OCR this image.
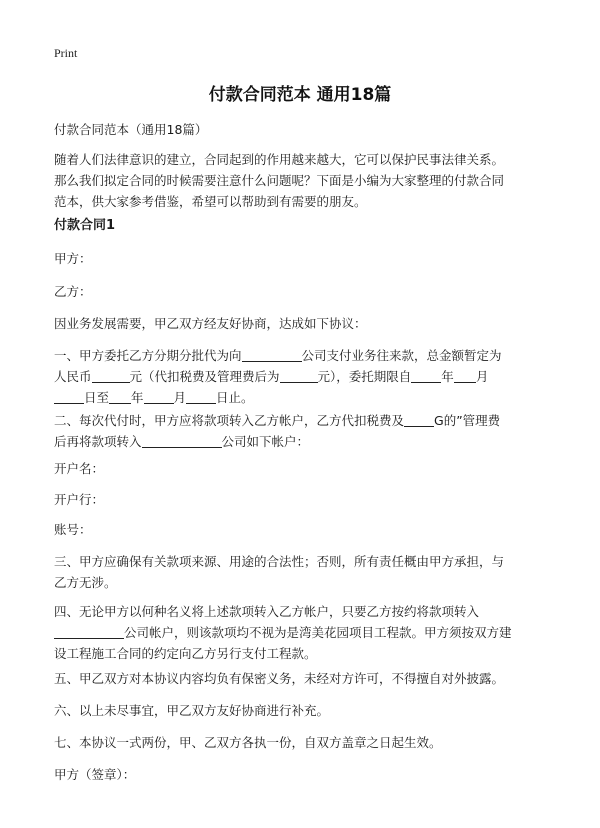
Print
付款合同范本 通用18篇
付款合同范本（通用18篇）
随着人们法律意识的建立，合同起到的作用越来越大，它可以保护民事法律关系。
那么我们拟定合同的时候需要注意什么问题呢？下面是小编为大家整理的付款合同
范本，供大家参考借鉴，希望可以帮助到有需要的朋友。
付款合同1
甲方：
乙方：
因业务发展需要，甲乙双方经友好协商，达成如下协议：
一、甲方委托乙方分期分批代为向	公司支付业务往来款，总金额暂定为
人民币	元（代扣税费及管理费后为	元），委托期限自 年 月
日至 年 月 日止。
二、每次代付时，甲方应将款项转入乙方帐户，乙方代扣税费及 G的”管理费
后再将款项转入	公司如下帐户：
开户名：
开户行：
账号：
三、甲方应确保有关款项来源、用途的合法性；否则，所有责任概由甲方承担，与
乙方无涉。
四、无论甲方以何种名义将上述款项转入乙方帐户，只要乙方按约将款项转入
公司帐户，则该款项均不视为是湾美花园项目工程款。甲方须按双方建
设工程施工合同的约定向乙方另行支付工程款。
五、甲乙双方对本协议内容均负有保密义务，未经对方许可，不得擅自对外披露。
六、以上未尽事宜，甲乙双方友好协商进行补充。
七、本协议一式两份，甲、乙双方各执一份，自双方盖章之日起生效。
甲方（签章）：
